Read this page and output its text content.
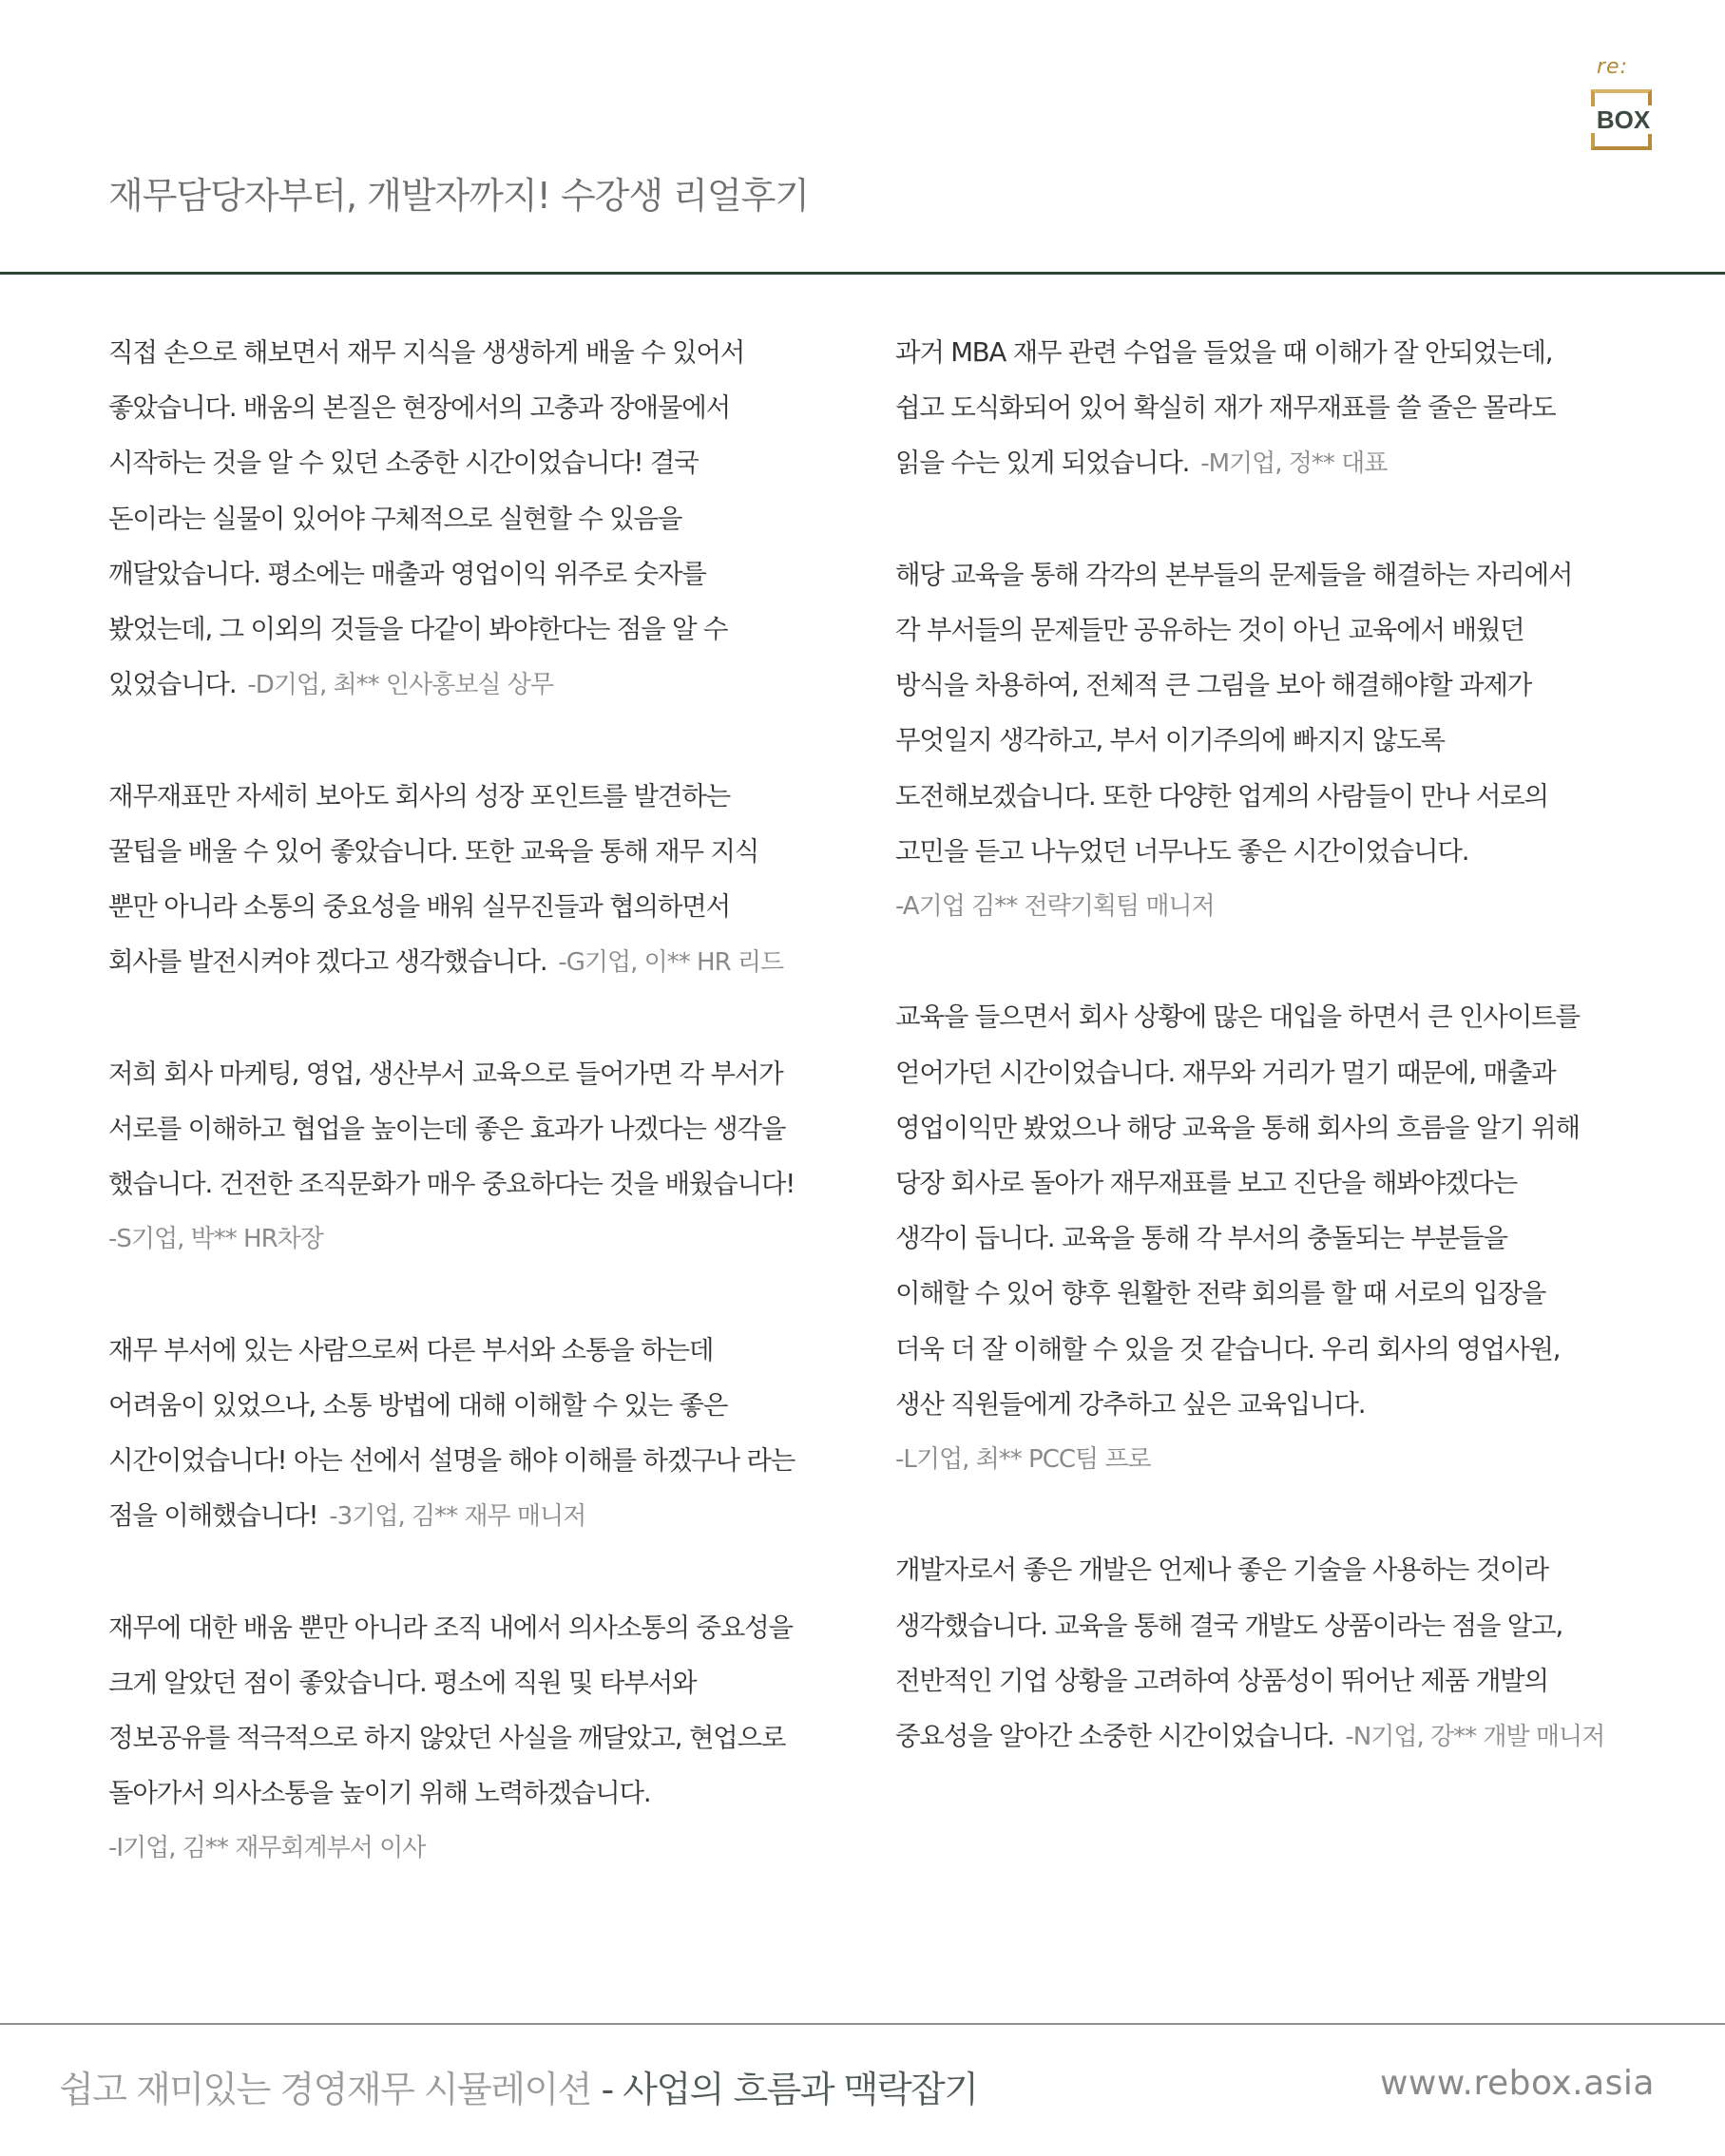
re:
BOX
재무담당자부터, 개발자까지! 수강생 리얼후기

직접 손으로 해보면서 재무 지식을 생생하게 배울 수 있어서
좋았습니다. 배움의 본질은 현장에서의 고충과 장애물에서
시작하는 것을 알 수 있던 소중한 시간이었습니다! 결국
돈이라는 실물이 있어야 구체적으로 실현할 수 있음을
깨달았습니다. 평소에는 매출과 영업이익 위주로 숫자를
봤었는데, 그 이외의 것들을 다같이 봐야한다는 점을 알 수
있었습니다. -D기업, 최** 인사홍보실 상무

재무재표만 자세히 보아도 회사의 성장 포인트를 발견하는
꿀팁을 배울 수 있어 좋았습니다. 또한 교육을 통해 재무 지식
뿐만 아니라 소통의 중요성을 배워 실무진들과 협의하면서
회사를 발전시켜야 겠다고 생각했습니다. -G기업, 이** HR 리드

저희 회사 마케팅, 영업, 생산부서 교육으로 들어가면 각 부서가
서로를 이해하고 협업을 높이는데 좋은 효과가 나겠다는 생각을
했습니다. 건전한 조직문화가 매우 중요하다는 것을 배웠습니다!
-S기업, 박** HR차장

재무 부서에 있는 사람으로써 다른 부서와 소통을 하는데
어려움이 있었으나, 소통 방법에 대해 이해할 수 있는 좋은
시간이었습니다! 아는 선에서 설명을 해야 이해를 하겠구나 라는
점을 이해했습니다! -3기업, 김** 재무 매니저

재무에 대한 배움 뿐만 아니라 조직 내에서 의사소통의 중요성을
크게 알았던 점이 좋았습니다. 평소에 직원 및 타부서와
정보공유를 적극적으로 하지 않았던 사실을 깨달았고, 현업으로
돌아가서 의사소통을 높이기 위해 노력하겠습니다.
-I기업, 김** 재무회계부서 이사

과거 MBA 재무 관련 수업을 들었을 때 이해가 잘 안되었는데,
쉽고 도식화되어 있어 확실히 재가 재무재표를 쓸 줄은 몰라도
읽을 수는 있게 되었습니다. -M기업, 정** 대표

해당 교육을 통해 각각의 본부들의 문제들을 해결하는 자리에서
각 부서들의 문제들만 공유하는 것이 아닌 교육에서 배웠던
방식을 차용하여, 전체적 큰 그림을 보아 해결해야할 과제가
무엇일지 생각하고, 부서 이기주의에 빠지지 않도록
도전해보겠습니다. 또한 다양한 업계의 사람들이 만나 서로의
고민을 듣고 나누었던 너무나도 좋은 시간이었습니다.
-A기업 김** 전략기획팀 매니저

교육을 들으면서 회사 상황에 많은 대입을 하면서 큰 인사이트를
얻어가던 시간이었습니다. 재무와 거리가 멀기 때문에, 매출과
영업이익만 봤었으나 해당 교육을 통해 회사의 흐름을 알기 위해
당장 회사로 돌아가 재무재표를 보고 진단을 해봐야겠다는
생각이 듭니다. 교육을 통해 각 부서의 충돌되는 부분들을
이해할 수 있어 향후 원활한 전략 회의를 할 때 서로의 입장을
더욱 더 잘 이해할 수 있을 것 같습니다. 우리 회사의 영업사원,
생산 직원들에게 강추하고 싶은 교육입니다.
-L기업, 최** PCC팀 프로

개발자로서 좋은 개발은 언제나 좋은 기술을 사용하는 것이라
생각했습니다. 교육을 통해 결국 개발도 상품이라는 점을 알고,
전반적인 기업 상황을 고려하여 상품성이 뛰어난 제품 개발의
중요성을 알아간 소중한 시간이었습니다. -N기업, 강** 개발 매니저

쉽고 재미있는 경영재무 시뮬레이션 - 사업의 흐름과 맥락잡기	www.rebox.asia
